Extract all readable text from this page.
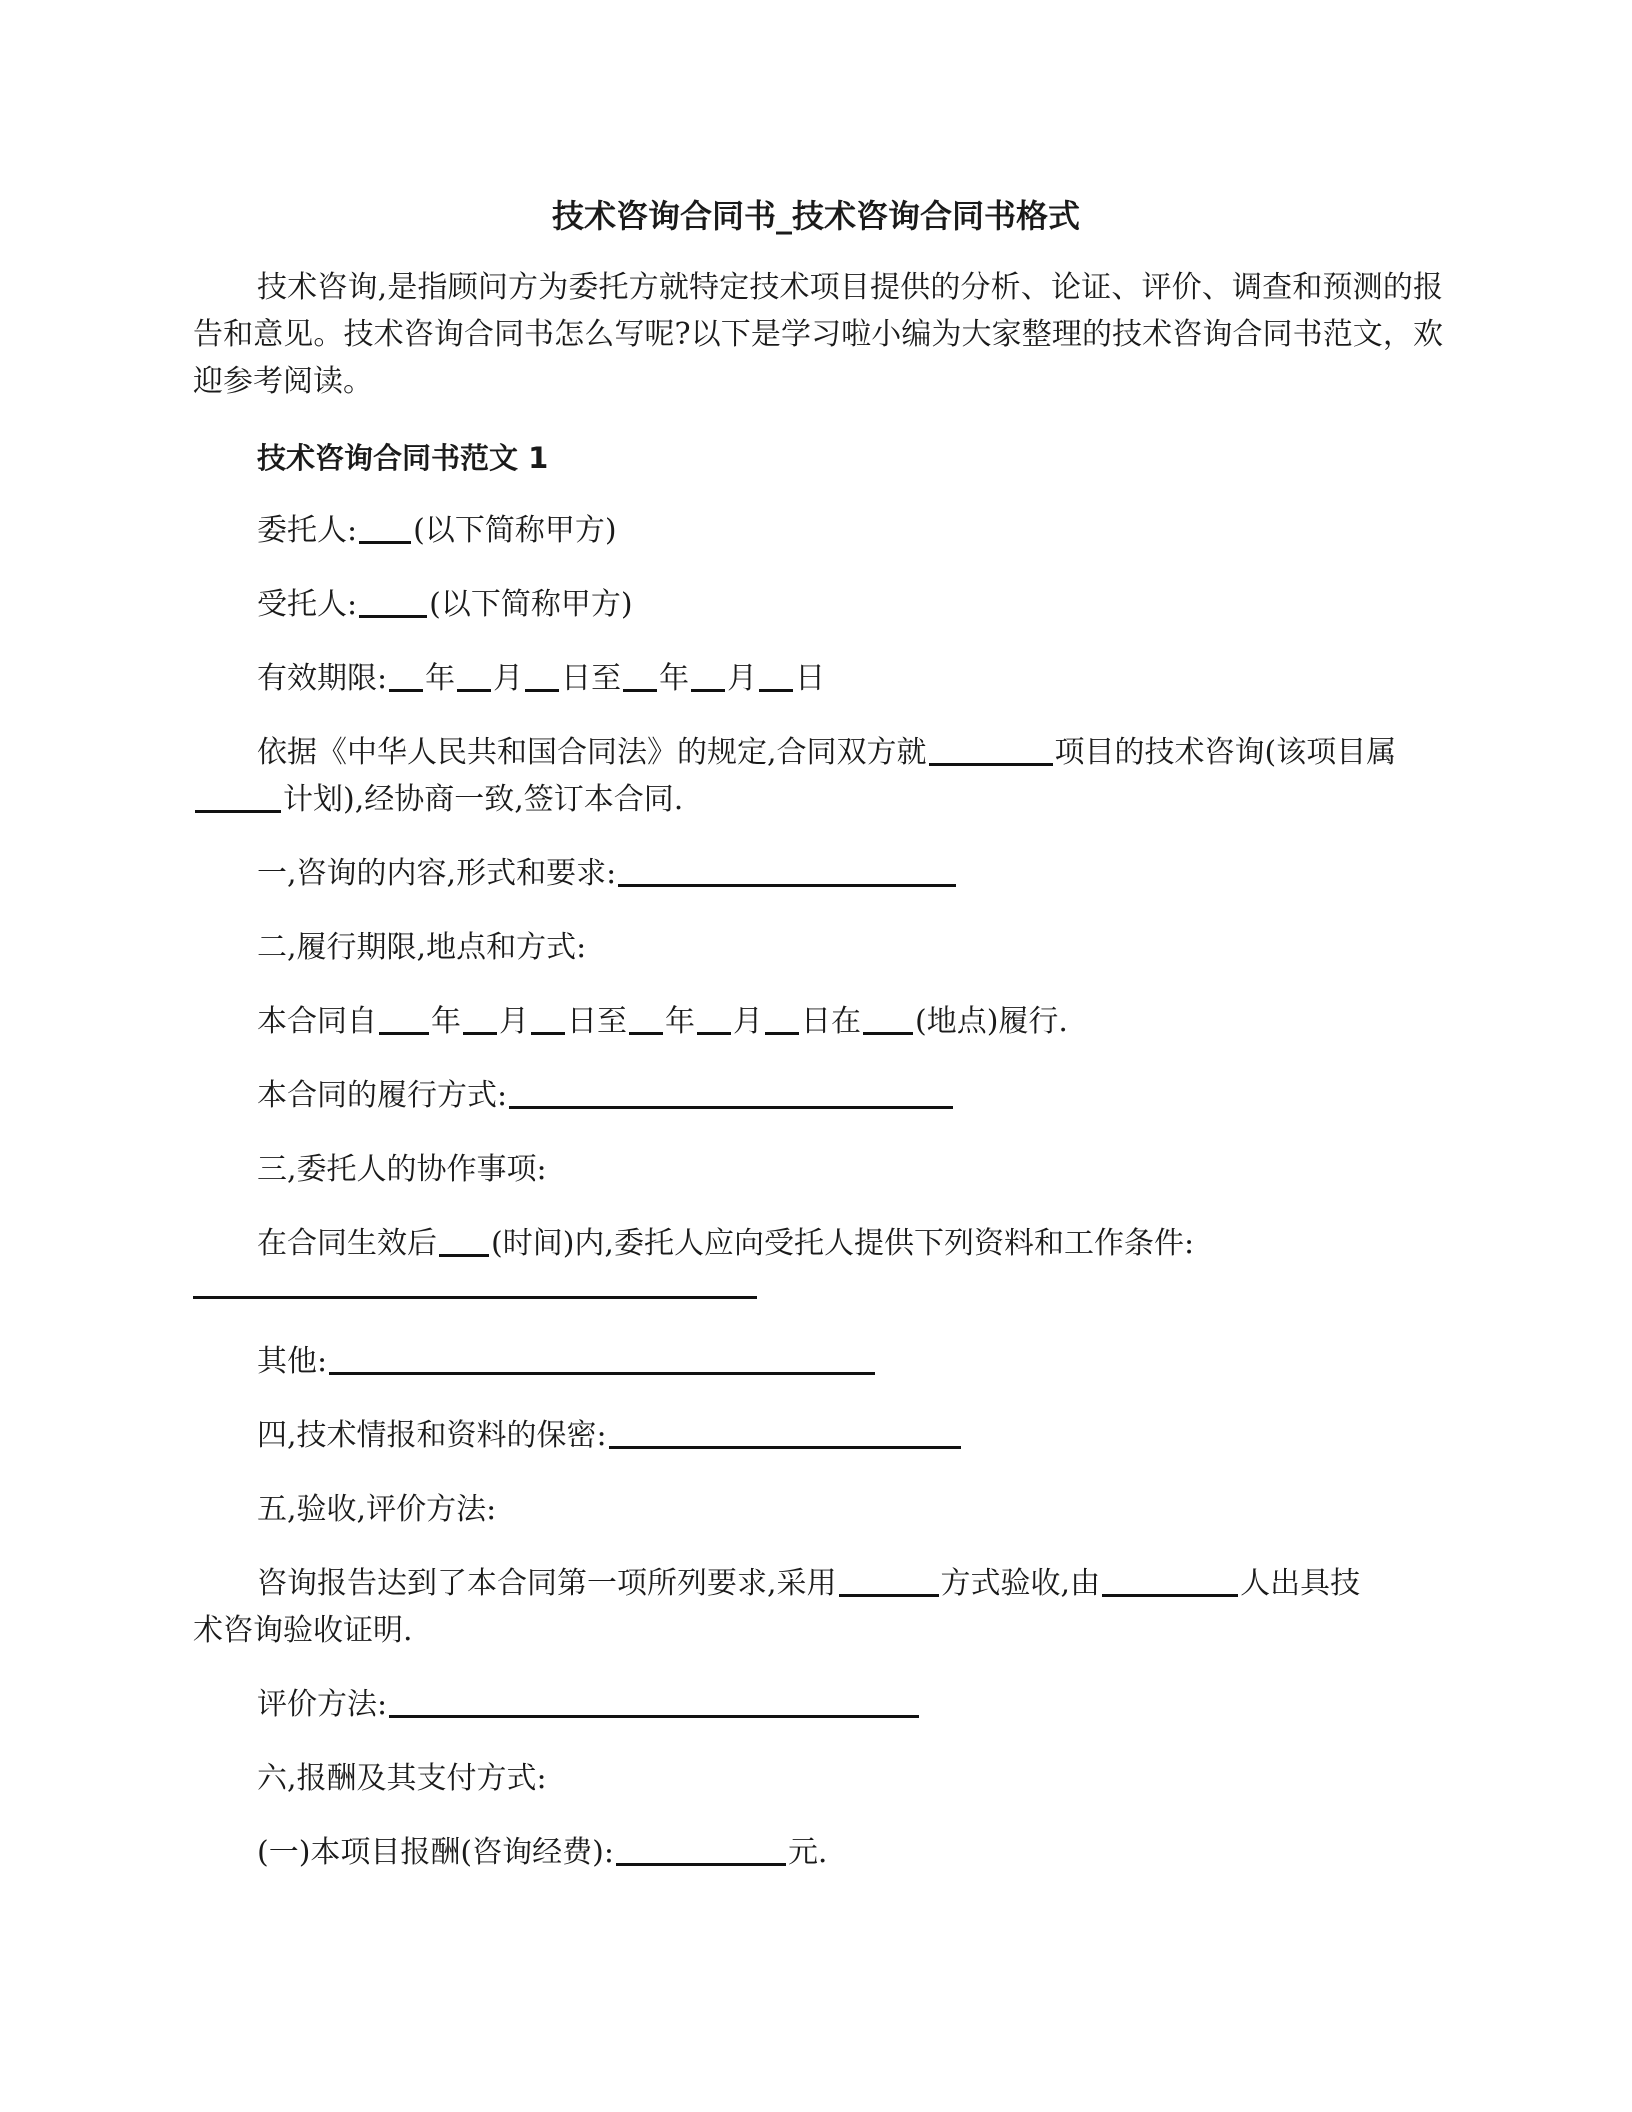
技术咨询合同书_技术咨询合同书格式

技术咨询,是指顾问方为委托方就特定技术项目提供的分析、论证、评价、调查和预测的报告和意见。技术咨询合同书怎么写呢?以下是学习啦小编为大家整理的技术咨询合同书范文，欢迎参考阅读。

技术咨询合同书范文 1
委托人: (以下简称甲方)
受托人: (以下简称甲方)
有效期限: 年 月 日至 年 月 日
依据《中华人民共和国合同法》的规定,合同双方就	项目的技术咨询(该项目属
计划),经协商一致,签订本合同.
一,咨询的内容,形式和要求:
二,履行期限,地点和方式:
本合同自 年 月 日至 年 月 日在 (地点)履行.
本合同的履行方式:
三,委托人的协作事项:
在合同生效后 (时间)内,委托人应向受托人提供下列资料和工作条件:
其他:
四,技术情报和资料的保密:
五,验收,评价方法:
咨询报告达到了本合同第一项所列要求,采用	方式验收,由	人出具技
术咨询验收证明.
评价方法:
六,报酬及其支付方式:
(一)本项目报酬(咨询经费):	元.
